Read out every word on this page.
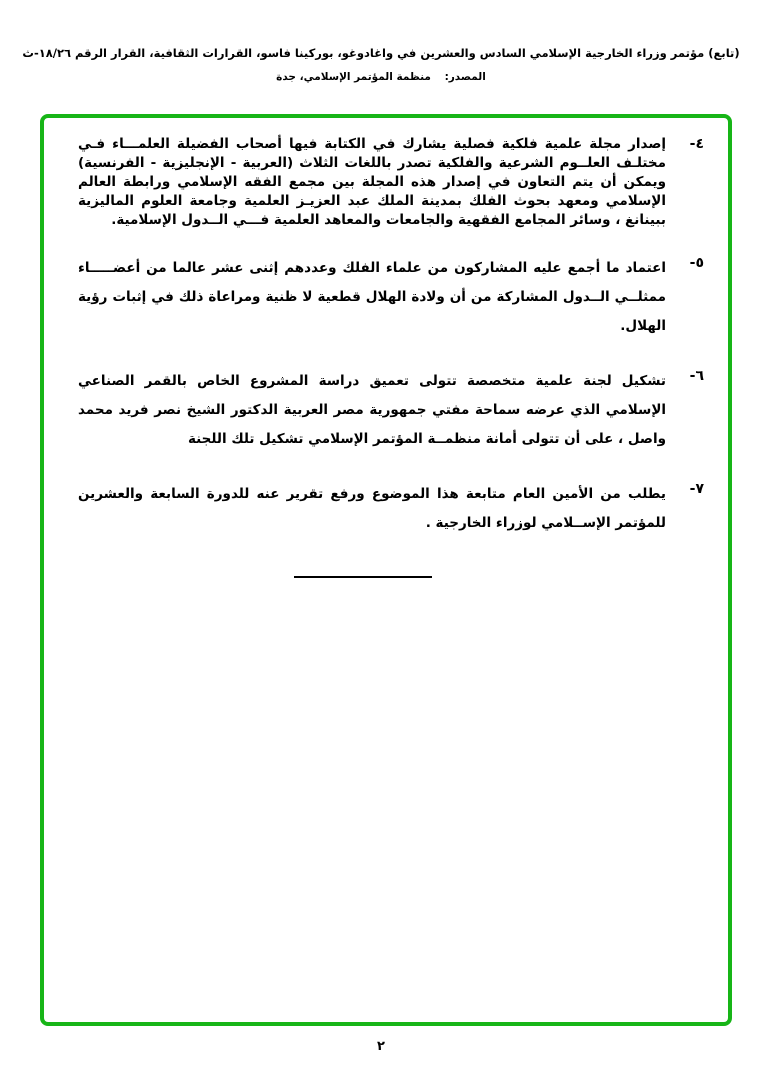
(تابع) مؤتمر وزراء الخارجية الإسلامي السادس والعشرين في واغادوغو، بوركينا فاسو، القرارات الثقافية، القرار الرقم ١٨/٢٦-ث
المصدر: منظمة المؤتمر الإسلامي، جدة
٤-
إصدار مجلة علمية فلكية فصلية يشارك في الكتابة فيها أصحاب الفضيلة العلمـــاء فـي مختلـف العلــوم الشرعية والفلكية تصدر باللغات الثلاث (العربية - الإنجليزية - الفرنسية) ويمكن أن يتم التعاون في إصدار هذه المجلة بين مجمع الفقه الإسلامي ورابطة العالم الإسلامي ومعهد بحوث الفلك بمدينة الملك عبد العزيـز العلمية وجامعة العلوم الماليزية ببينانغ ، وسائر المجامع الفقهية والجامعات والمعاهد العلمية فـــي الــدول الإسلامية.
٥-
اعتماد ما أجمع عليه المشاركون من علماء الفلك وعددهم إثنى عشر عالما من أعضـــــاء ممثلــي الــدول المشاركة من أن ولادة الهلال قطعية لا ظنية ومراعاة ذلك في إثبات رؤية الهلال.
٦-
تشكيل لجنة علمية متخصصة تتولى تعميق دراسة المشروع الخاص بالقمر الصناعي الإسلامي الذي عرضه سماحة مفتي جمهورية مصر العربية الدكتور الشيخ نصر فريد محمد واصل ، على أن تتولى أمانة منظمــة المؤتمر الإسلامي تشكيل تلك اللجنة
٧-
يطلب من الأمين العام متابعة هذا الموضوع ورفع تقرير عنه للدورة السابعة والعشرين للمؤتمر الإســلامي لوزراء الخارجية .
٢
